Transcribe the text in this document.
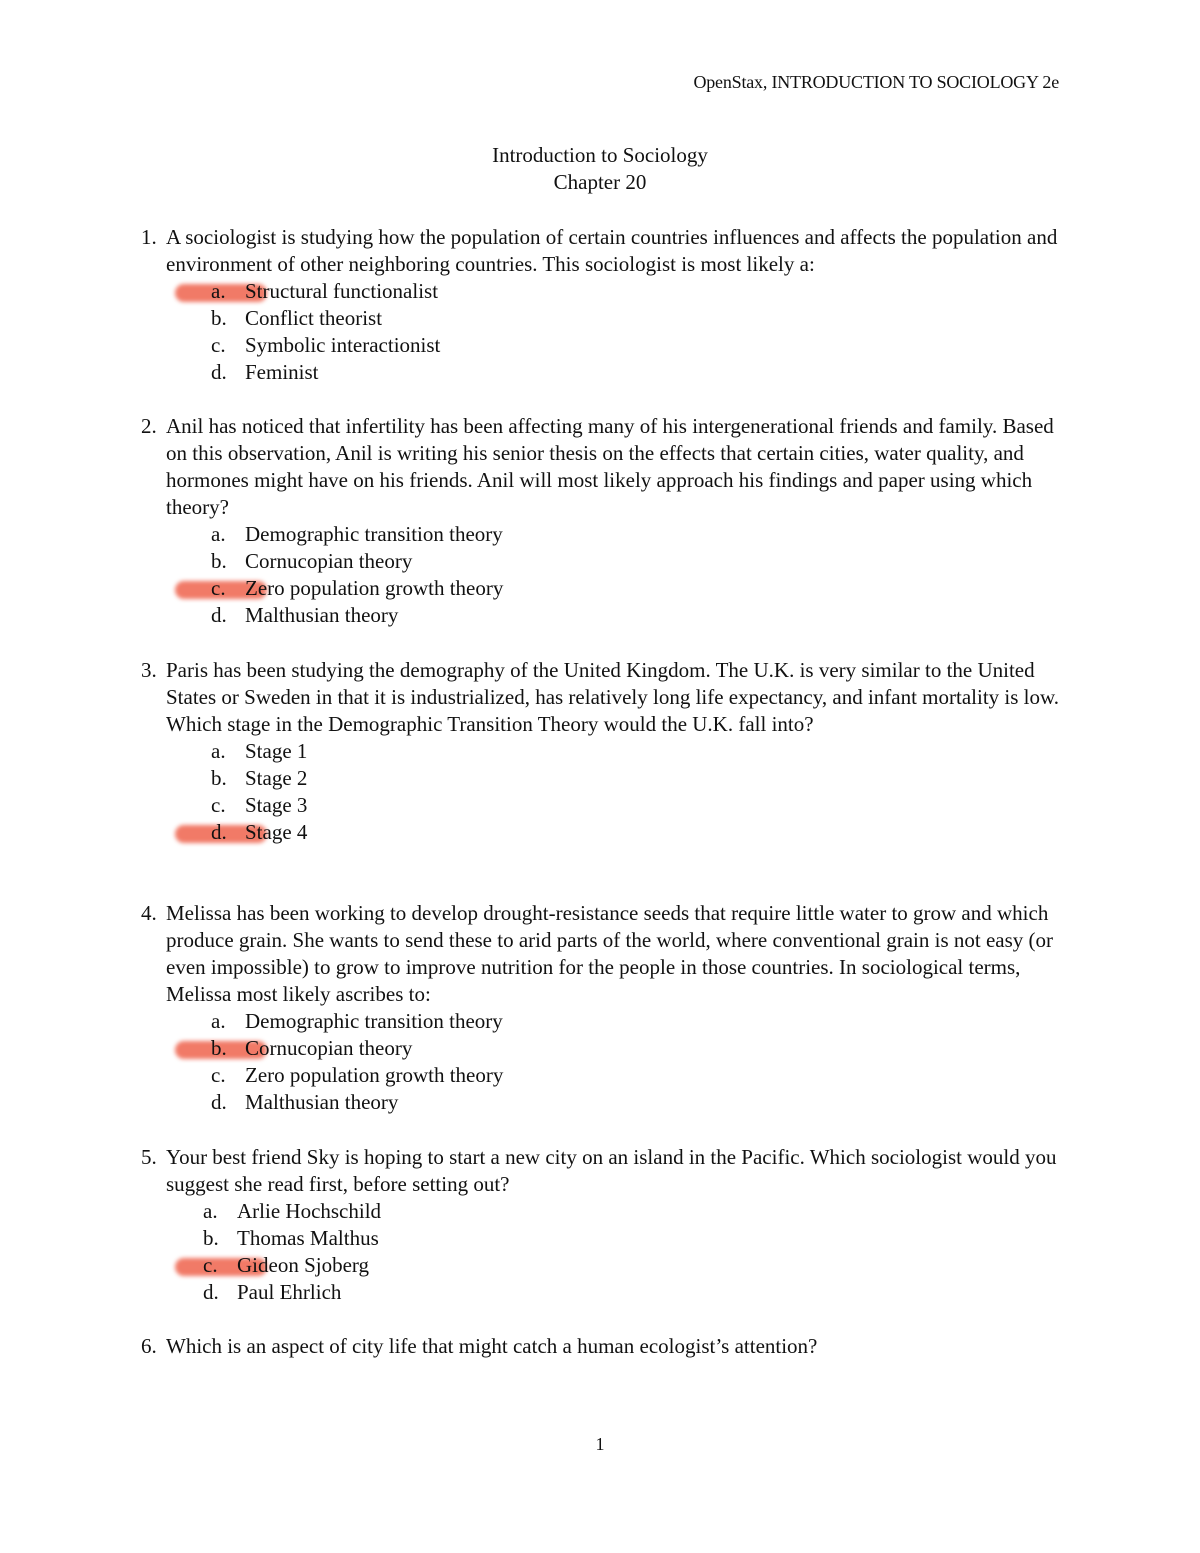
OpenStax, INTRODUCTION TO SOCIOLOGY 2e
Introduction to Sociology
Chapter 20
1. A sociologist is studying how the population of certain countries influences and affects the population and environment of other neighboring countries. This sociologist is most likely a:
a. Structural functionalist
b. Conflict theorist
c. Symbolic interactionist
d. Feminist
2. Anil has noticed that infertility has been affecting many of his intergenerational friends and family. Based on this observation, Anil is writing his senior thesis on the effects that certain cities, water quality, and hormones might have on his friends. Anil will most likely approach his findings and paper using which theory?
a. Demographic transition theory
b. Cornucopian theory
c. Zero population growth theory
d. Malthusian theory
3. Paris has been studying the demography of the United Kingdom. The U.K. is very similar to the United States or Sweden in that it is industrialized, has relatively long life expectancy, and infant mortality is low. Which stage in the Demographic Transition Theory would the U.K. fall into?
a. Stage 1
b. Stage 2
c. Stage 3
d. Stage 4
4. Melissa has been working to develop drought-resistance seeds that require little water to grow and which produce grain. She wants to send these to arid parts of the world, where conventional grain is not easy (or even impossible) to grow to improve nutrition for the people in those countries. In sociological terms, Melissa most likely ascribes to:
a. Demographic transition theory
b. Cornucopian theory
c. Zero population growth theory
d. Malthusian theory
5. Your best friend Sky is hoping to start a new city on an island in the Pacific. Which sociologist would you suggest she read first, before setting out?
a. Arlie Hochschild
b. Thomas Malthus
c. Gideon Sjoberg
d. Paul Ehrlich
6. Which is an aspect of city life that might catch a human ecologist’s attention?
1
